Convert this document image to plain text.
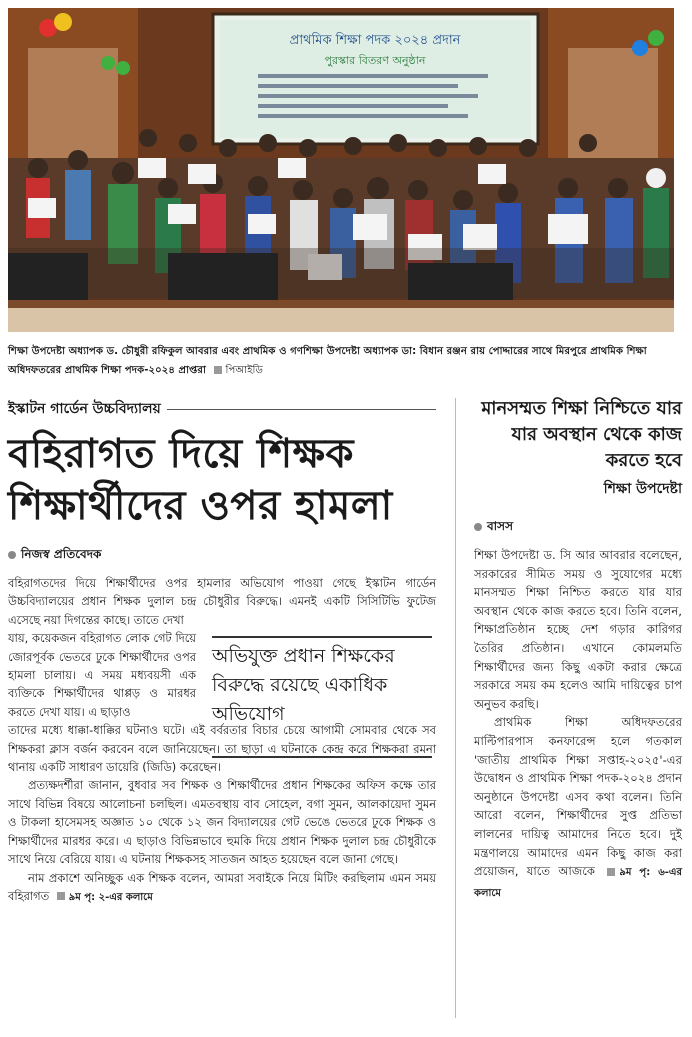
প্রাথমিক শিক্ষা পদক ২০২৪ প্রদান
পুরস্কার বিতরণ অনুষ্ঠান
শিক্ষা উপদেষ্টা অধ্যাপক ড. চৌধুরী রফিকুল আবরার এবং প্রাথমিক ও গণশিক্ষা উপদেষ্টা অধ্যাপক ডা: বিধান রঞ্জন রায় পোদ্দারের সাথে মিরপুরে প্রাথমিক শিক্ষা অধিদফতরের প্রাথমিক শিক্ষা পদক-২০২৪ প্রাপ্তরা পিআইডি
ইস্কাটন গার্ডেন উচ্চবিদ্যালয়
বহিরাগত দিয়ে শিক্ষক
শিক্ষার্থীদের ওপর হামলা
নিজস্ব প্রতিবেদক
বহিরাগতদের দিয়ে শিক্ষার্থীদের ওপর হামলার অভিযোগ পাওয়া গেছে ইস্কাটন গার্ডেন উচ্চবিদ্যালয়ের প্রধান শিক্ষক দুলাল চন্দ্র চৌধুরীর বিরুদ্ধে। এমনই একটি সিসিটিভি ফুটেজ এসেছে নয়া দিগন্তের কাছে। তাতে দেখা
যায়, কয়েকজন বহিরাগত লোক গেট দিয়ে জোরপূর্বক ভেতরে ঢুকে শিক্ষার্থীদের ওপর হামলা চালায়। এ সময় মধ্যবয়সী এক ব্যক্তিকে শিক্ষার্থীদের থাপ্পড় ও মারধর করতে দেখা যায়। এ ছাড়াও
তাদের মধ্যে ধাক্কা-ধাক্কির ঘটনাও ঘটে। এই বর্বরতার বিচার চেয়ে আগামী সোমবার থেকে সব শিক্ষকরা ক্লাস বর্জন করবেন বলে জানিয়েছেন। তা ছাড়া এ ঘটনাকে কেন্দ্র করে শিক্ষকরা রমনা থানায় একটি সাধারণ ডায়েরি (জিডি) করেছেন।
প্রত্যক্ষদর্শীরা জানান, বুধবার সব শিক্ষক ও শিক্ষার্থীদের প্রধান শিক্ষকের অফিস কক্ষে তার সাথে বিভিন্ন বিষয়ে আলোচনা চলছিল। এমতবস্থায় বাব সোহেল, বগা সুমন, আলকায়েদা সুমন ও টাকলা হাসেমসহ অজ্ঞাত ১০ থেকে ১২ জন বিদ্যালয়ের গেট ভেঙে ভেতরে ঢুকে শিক্ষক ও শিক্ষার্থীদের মারধর করে। এ ছাড়াও বিভিন্নভাবে হুমকি দিয়ে প্রধান শিক্ষক দুলাল চন্দ্র চৌধুরীকে সাথে নিয়ে বেরিয়ে যায়। এ ঘটনায় শিক্ষকসহ সাতজন আহত হয়েছেন বলে জানা গেছে।
নাম প্রকাশে অনিচ্ছুক এক শিক্ষক বলেন, আমরা সবাইকে নিয়ে মিটিং করছিলাম এমন সময় বহিরাগত ৯ম পৃ: ২-এর কলামে
অভিযুক্ত প্রধান শিক্ষকের বিরুদ্ধে রয়েছে একাধিক অভিযোগ
মানসম্মত শিক্ষা নিশ্চিতে যার যার অবস্থান থেকে কাজ করতে হবে
শিক্ষা উপদেষ্টা
বাসস
শিক্ষা উপদেষ্টা ড. সি আর আবরার বলেছেন, সরকারের সীমিত সময় ও সুযোগের মধ্যে মানসম্মত শিক্ষা নিশ্চিত করতে যার যার অবস্থান থেকে কাজ করতে হবে। তিনি বলেন, শিক্ষাপ্রতিষ্ঠান হচ্ছে দেশ গড়ার কারিগর তৈরির প্রতিষ্ঠান। এখানে কোমলমতি শিক্ষার্থীদের জন্য কিছু একটা করার ক্ষেত্রে সরকারে সময় কম হলেও আমি দায়িত্বের চাপ অনুভব করছি।
প্রাথমিক শিক্ষা অধিদফতরের মাল্টিপারপাস কনফারেন্স হলে গতকাল 'জাতীয় প্রাথমিক শিক্ষা সপ্তাহ-২০২৫'-এর উদ্বোধন ও প্রাথমিক শিক্ষা পদক-২০২৪ প্রদান অনুষ্ঠানে উপদেষ্টা এসব কথা বলেন। তিনি আরো বলেন, শিক্ষার্থীদের সুপ্ত প্রতিভা লালনের দায়িত্ব আমাদের নিতে হবে। দুই মন্ত্রণালয়ে আমাদের এমন কিছু কাজ করা প্রয়োজন, যাতে আজকে ৯ম পৃ: ৬-এর কলামে
